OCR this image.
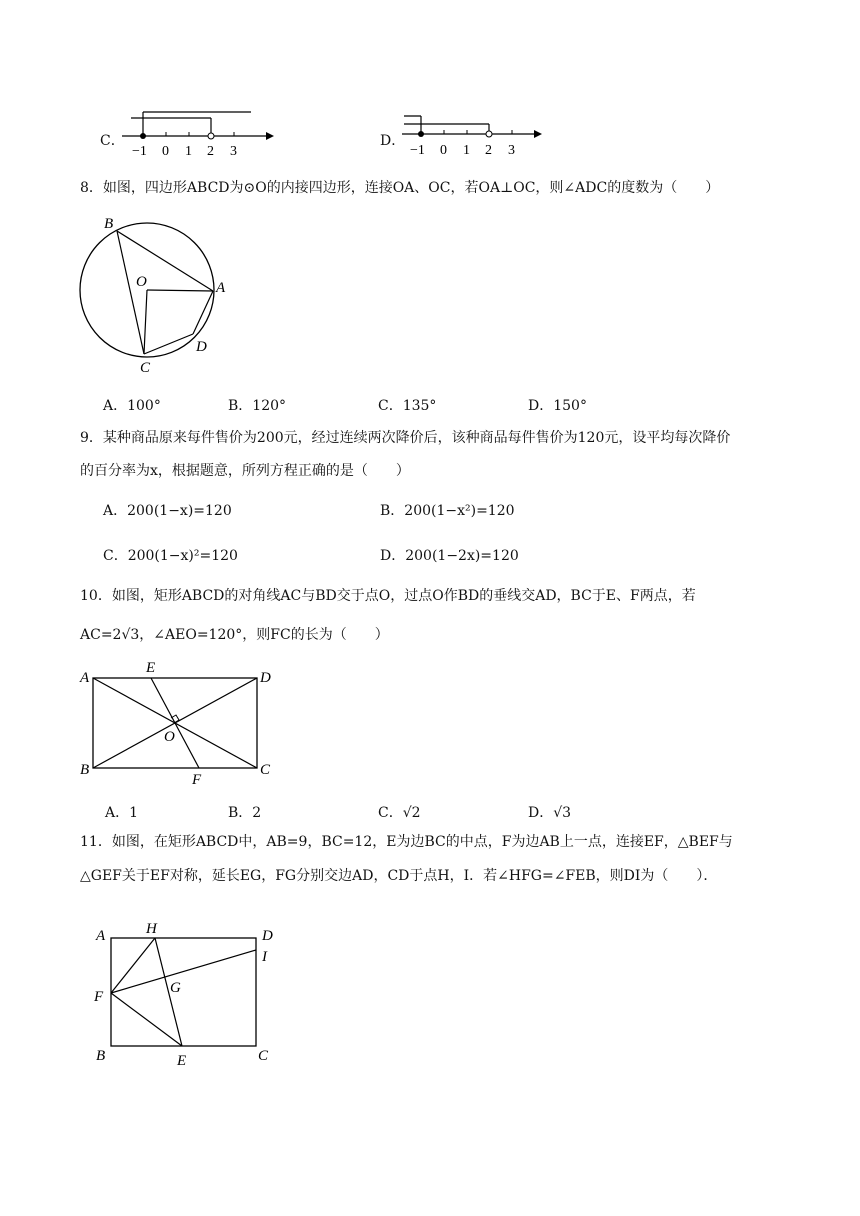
C．
−1 0 1 2 3
D．
−1 0 1 2 3
8．如图，四边形ABCD为⊙O的内接四边形，连接OA、OC，若OA⊥OC，则∠ADC的度数为（　　）
B
O	A
D
C
A．100°	B．120°	C．135°	D．150°
9．某种商品原来每件售价为200元，经过连续两次降价后，该种商品每件售价为120元，设平均每次降价
的百分率为x，根据题意，所列方程正确的是（　　）
A．200(1−x)=120	B．200(1−x²)=120
C．200(1−x)²=120	D．200(1−2x)=120
10．如图，矩形ABCD的对角线AC与BD交于点O，过点O作BD的垂线交AD，BC于E、F两点，若
AC=2√3，∠AEO=120°，则FC的长为（　　）
A
E
D
O
B
F
C
A．1	B．2	C．√2	D．√3
11．如图，在矩形ABCD中，AB=9，BC=12，E为边BC的中点，F为边AB上一点，连接EF，△BEF与
△GEF关于EF对称，延长EG，FG分别交边AD，CD于点H，I．若∠HFG=∠FEB，则DI为（　　）．
A	H	D
I
F
G
B	E	C
